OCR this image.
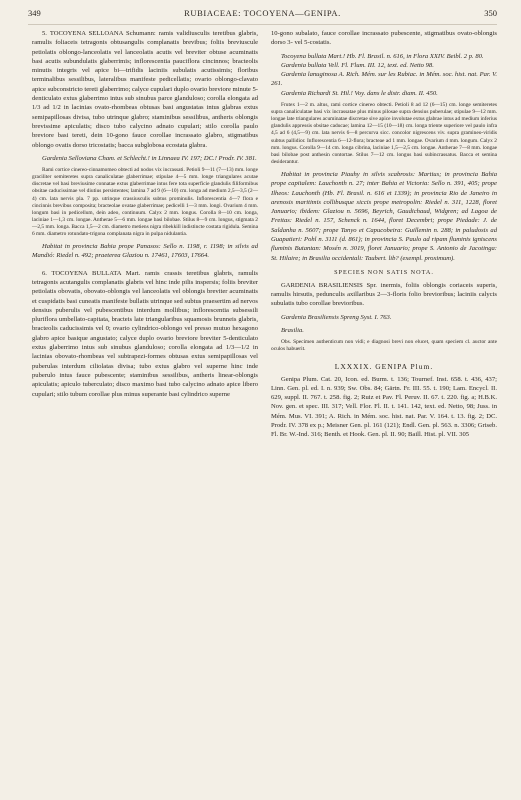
349	RUBIACEAE: TOCOYENA—GENIPA.	350

5. TOCOYENA SELLOANA Schumann: ramis validiusculis teretibus glabris, ramulis foliaceis tetragonis obtusangulis complanatis brevibus; foliis breviuscule petiolatis oblongo-lanceolatis vel lanceolatis acutis vel breviter obtuse acuminatis basi acutis subundulatis glaberrimis; inflorescentia pauciflora cincinnos; bracteolis minutis integris vel apice bi—trifidis laciniis subulatis acutissimis; floribus terminalibus sessilibus, lateralibus manifeste pedicellatis; ovario oblongo-clavato apice subconstricto tereti glaberrimo; calyce cupulari duplo ovario breviore minute 5-denticulato extus glaberrimo intus sub sinubus parce glanduloso; corolla elongata ad 1/3 ad 1/2 in lacinias ovato-rhombeas obtusas basi angustatas intus glabras extus semipapillosas divisa, tubo utrinque glabro; staminibus sessilibus, antheris oblongis brevissime apiculatis; disco tubo calycino adnato cupulari; stilo corolla paulo breviore basi tereti, dein 10-gono fauce corollae incrassato glabro, stigmatibus oblongo ovatis dorso tricostatis; bacca subglobosa ecostata glabra.

Gardenia Selloviana Cham. et Schlecht.! in Linnaea IV. 197; DC.! Prodr. IV. 381.

Rami cortice cinereo-cinnamomeo obtecti ad nodos vix incrassati. Petioli 9—11 (7—13) mm. longe graciliter semiteretes supra canaliculatae glaberrimae; stipulae 4—5 mm. longe triangulares acutae discretae vel basi breviusime connatae extus glaberrimae intus fere tota superficie glandulis filiformibus obsitae caducissimae vel diutius persistentes; lamina 7 ad 9 (6—10) cm. longa ad medium 2,5—3,5 (2—4) cm. lata nervis pla. 7 pp. utrinque crassiusculis subtus prominulis. Inflorescentia 4—7 flora e cincinnis brevibus composita; bracteolae ovatae glaberrimae; pedicelli 1—3 mm. longi. Ovarium 4 mm. longum basi in pedicellum, dein adeo, continuum. Calyx 2 mm. longus. Corolla 8—10 cm. longa, laciniae 1—1,3 cm. longae. Antherae 5—6 mm. longae basi bilobae. Stilus 8—9 cm. longus, stigmata 2—2,5 mm. longa. Bacca 1,5—2 cm. diametro metiens nigra ribekkill indistincte costata rigidula. Semina 6 mm. diametro rotundato-trigona complanata nigra in pulpa nidulantia.

Habitat in provincia Bahia prope Panasos: Sello n. 1198, r. 1198; in silvis ad Mandió: Riedel n. 492; praeterea Glaziou n. 17461, 17603, 17664.

6. TOCOYENA BULLATA Mart. ramis crassis teretibus glabris, ramulis tetragonis acutangulis complanatis glabris vel hinc inde pilis inspersis; foliis breviter petiolatis obovatis, obovato-oblongis vel lanceolatis vel oblongis breviter acuminatis et cuspidatis basi cuneatis manifeste bullatis utrinque sed subtus praesertim ad nervos densius puberulis vel pubescentibus interdum mollibus; inflorescentia subsessili pluriflora umbellato-capitata, bracteis late triangularibus squamosis brunneis glabris, bracteolis caducissimis vel 0; ovario cylindrico-oblongo vel presso mutuo hexagono glabro apice basique angustato; calyce duplo ovario breviore breviter 5-denticulato extus glaberrimo intus sub sinubus glanduloso; corolla elongata ad 1/3—1/2 in lacinias obovato-rhombeas vel subtrapezi-formes obtusas extus semipapillosas vel puberulas interdum ciliolatas divisa; tubo extus glabro vel superne hinc inde puberulo intus fauce pubescente; staminibus sessilibus, antheris linear-oblongis apiculatis; apiculo tuberculato; disco maximo basi tubo calycino adnato apice libero cupulari; stilo tubum corollae plus minus superante basi cylindrico superne

10-gono subalato, fauce corollae incrassato pubescente, stigmatibus ovato-oblongis dorso 3- vel 5-costatis.

Tocoyena bullata Mart.! Hb. Fl. Brasil. n. 616, in Flora XXIV. Beibl. 2 p. 80.

Gardenia bullata Vell. Fl. Flum. III. 12, text. ed. Netto 98.

Gardenia lanuginosa A. Rich. Mém. sur les Rubiac. in Mém. soc. hist. nat. Par. V. 261.

Gardenia Richardi St. Hil.! Voy. dans le distr. diam. II. 450.

Frutex 1—2 m. altus, rami cortice cinereo obtecti. Petioli 8 ad 12 (6—15) cm. longe semiteretes supra canaliculatae basi vix incrassatae plus minus pilosae supra densius puberulae; stipulae 9—12 mm. longae late triangulares acuminatae discretae sive apice involutae extus glabrae intus ad medium inferius glandulis appressis obsitae caducae; lamina 12—15 (10—18) cm. longa triente superiore vel paulo infra 4,5 ad 6 (4,5—9) cm. lata nervis 6—8 percurva sicc. concolor nigrescens viv. supra gramineo-viridis subtus pallidior. Inflorescentia 6—12-flora; bracteae ad 1 mm. longae. Ovarium 4 mm. longum. Calyx 2 mm. longus. Corolla 9—14 cm. longa cibrina, laciniae 1,5—2,5 cm. longae. Antherae 7—8 mm. longae basi bilobae post anthesin contortae. Stilus 7—12 cm. longus basi subincrassatus. Bacca et semina desiderantur.

Habitat in provincia Piauhy in silvis scabrosis: Martius; in provincia Bahia prope capitalem: Lauchonth n. 27; inter Bahia et Victoria: Sello n. 391, 405; prope Ilheos: Lauchonth (Hb. Fl. Brasil. n. 616 et 1339); in provincia Rio de Janeiro in arenosis maritimis collibusque siccis prope metropolin: Riedel n. 311, 1228, floret Januario; ibidem: Glaziou n. 5696, Beyrich, Gaudichaud, Widgren; ad Lagoa de Freitas: Riedel n. 157, Schenck n. 1644, floret Decembri; prope Piedade: J. de Saldanha n. 5607; prope Tanyo et Capucobeira: Guillemin n. 288; in paludosis ad Guapatieri: Pohl n. 3111 (d. 861); in provincia S. Paulo ad ripam fluminis igniscens fluminis Butantan: Mosén n. 3019, floret Januario; prope S. Antonio de Jacotinga: St. Hilaire; in Brasilia occidentali: Taubert. lib? (exempl. proximum).

SPECIES NON SATIS NOTA.

GARDENIA BRASILIENSIS Spr. inermis, foliis oblongis coriaceis superis, ramulis hirsutis, pedunculis axillaribus 2—3-floris folio brevioribus; laciniis calycis subulatis tubo corollae brevioribus.

Gardenia Brasiliensis Spreng Syst. I. 763.

Brasilia.

Obs. Specimen authenticum non vidi; e diagnosi brevi non elucet, quam speciem cl. auctor ante oculos habuerit.

LXXXIX. GENIPA Plum.

Genipa Plum. Cat. 20, Icon. ed. Burm. t. 136; Tournef. Inst. 658. t. 436, 437; Linn. Gen. pl. ed. I. n. 939; Sw. Obs. 84; Gärtn. Fr. III. 55. t. 190; Lam. Encycl. II. 629, suppl. II. 767. t. 258. fig. 2; Ruiz et Pav. Fl. Peruv. II. 67. t. 220. fig. a; H.B.K. Nov. gen. et spec. III. 317; Vell. Flor. Fl. II. t. 141. 142, text. ed. Netto, 98; Juss. in Mém. Mus. VI. 391; A. Rich. in Mém. soc. hist. nat. Par. V. 164. t. 13. fig. 2; DC. Prodr. IV. 378 ex p.; Meisner Gen. pl. 161 (121); Endl. Gen. pl. 563. n. 3306; Griseb. Fl. Br. W.-Ind. 316; Benth. et Hook. Gen. pl. II. 90; Baill. Hist. pl. VII. 305
